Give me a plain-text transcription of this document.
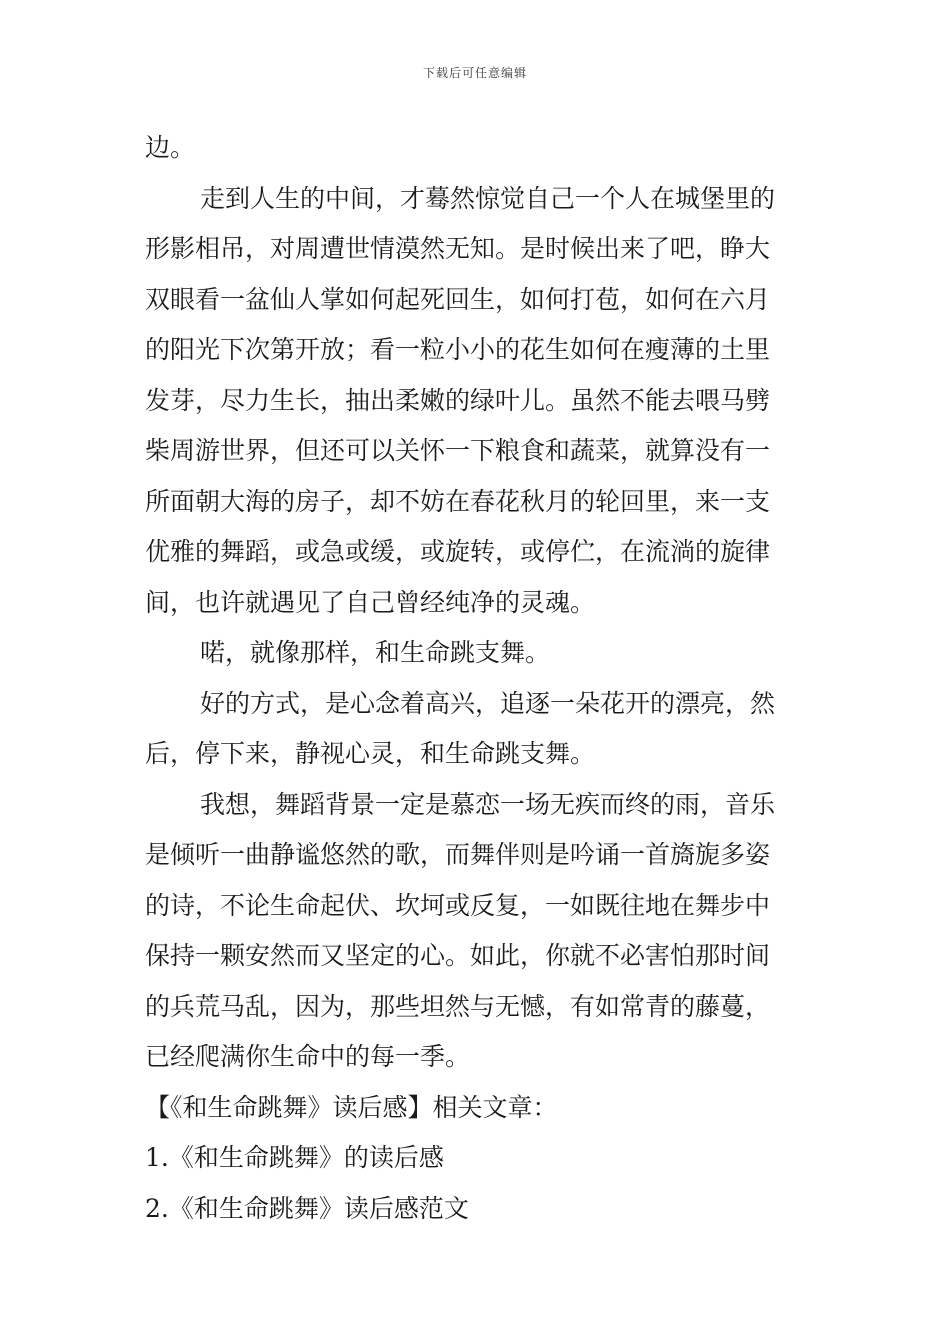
下载后可任意编辑
边。
走到人生的中间，才蓦然惊觉自己一个人在城堡里的
形影相吊，对周遭世情漠然无知。是时候出来了吧，睁大
双眼看一盆仙人掌如何起死回生，如何打苞，如何在六月
的阳光下次第开放；看一粒小小的花生如何在瘦薄的土里
发芽，尽力生长，抽出柔嫩的绿叶儿。虽然不能去喂马劈
柴周游世界，但还可以关怀一下粮食和蔬菜，就算没有一
所面朝大海的房子，却不妨在春花秋月的轮回里，来一支
优雅的舞蹈，或急或缓，或旋转，或停伫，在流淌的旋律
间，也许就遇见了自己曾经纯净的灵魂。
喏，就像那样，和生命跳支舞。
好的方式，是心念着高兴，追逐一朵花开的漂亮，然
后，停下来，静视心灵，和生命跳支舞。
我想，舞蹈背景一定是慕恋一场无疾而终的雨，音乐
是倾听一曲静谧悠然的歌，而舞伴则是吟诵一首旖旎多姿
的诗，不论生命起伏、坎坷或反复，一如既往地在舞步中
保持一颗安然而又坚定的心。如此，你就不必害怕那时间
的兵荒马乱，因为，那些坦然与无憾，有如常青的藤蔓，
已经爬满你生命中的每一季。
【《和生命跳舞》读后感】相关文章：
1.《和生命跳舞》的读后感
2.《和生命跳舞》读后感范文
